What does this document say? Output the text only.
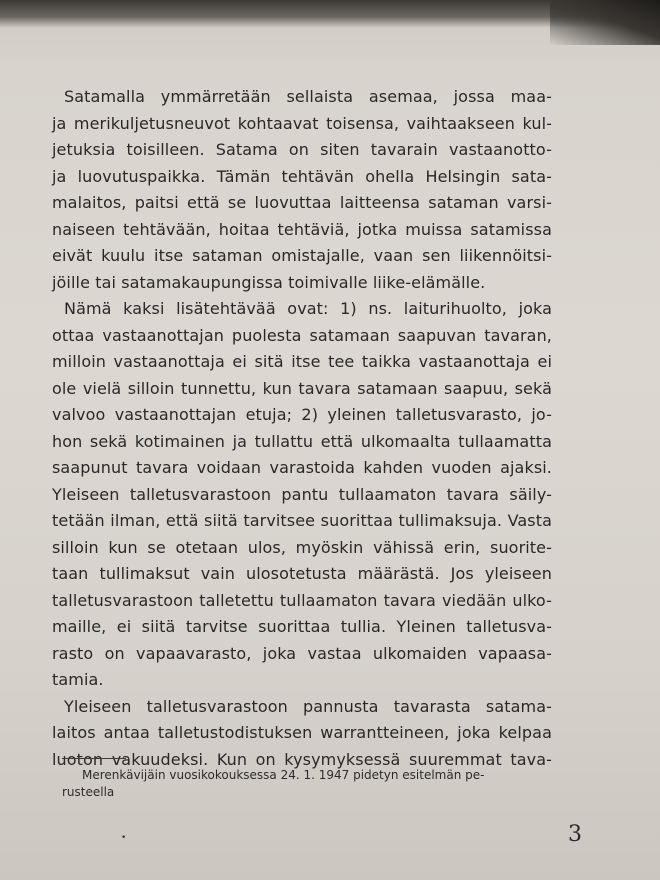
Satamalla ymmärretään sellaista asemaa, jossa maa-
ja merikuljetusneuvot kohtaavat toisensa, vaihtaakseen kul-
jetuksia toisilleen. Satama on siten tavarain vastaanotto-
ja luovutuspaikka. Tämän tehtävän ohella Helsingin sata-
malaitos, paitsi että se luovuttaa laitteensa sataman varsi-
naiseen tehtävään, hoitaa tehtäviä, jotka muissa satamissa
eivät kuulu itse sataman omistajalle, vaan sen liikennöitsi-
jöille tai satamakaupungissa toimivalle liike-elämälle.
Nämä kaksi lisätehtävää ovat: 1) ns. laiturihuolto, joka
ottaa vastaanottajan puolesta satamaan saapuvan tavaran,
milloin vastaanottaja ei sitä itse tee taikka vastaanottaja ei
ole vielä silloin tunnettu, kun tavara satamaan saapuu, sekä
valvoo vastaanottajan etuja; 2) yleinen talletusvarasto, jo-
hon sekä kotimainen ja tullattu että ulkomaalta tullaamatta
saapunut tavara voidaan varastoida kahden vuoden ajaksi.
Yleiseen talletusvarastoon pantu tullaamaton tavara säily-
tetään ilman, että siitä tarvitsee suorittaa tullimaksuja. Vasta
silloin kun se otetaan ulos, myöskin vähissä erin, suorite-
taan tullimaksut vain ulosotetusta määrästä. Jos yleiseen
talletusvarastoon talletettu tullaamaton tavara viedään ulko-
maille, ei siitä tarvitse suorittaa tullia. Yleinen talletusva-
rasto on vapaavarasto, joka vastaa ulkomaiden vapaasa-
tamia.
Yleiseen talletusvarastoon pannusta tavarasta satama-
laitos antaa talletustodistuksen warrantteineen, joka kelpaa
luoton vakuudeksi. Kun on kysymyksessä suuremmat tava-
Merenkävijäin vuosikokouksessa 24. 1. 1947 pidetyn esitelmän pe-
rusteella
•	3
